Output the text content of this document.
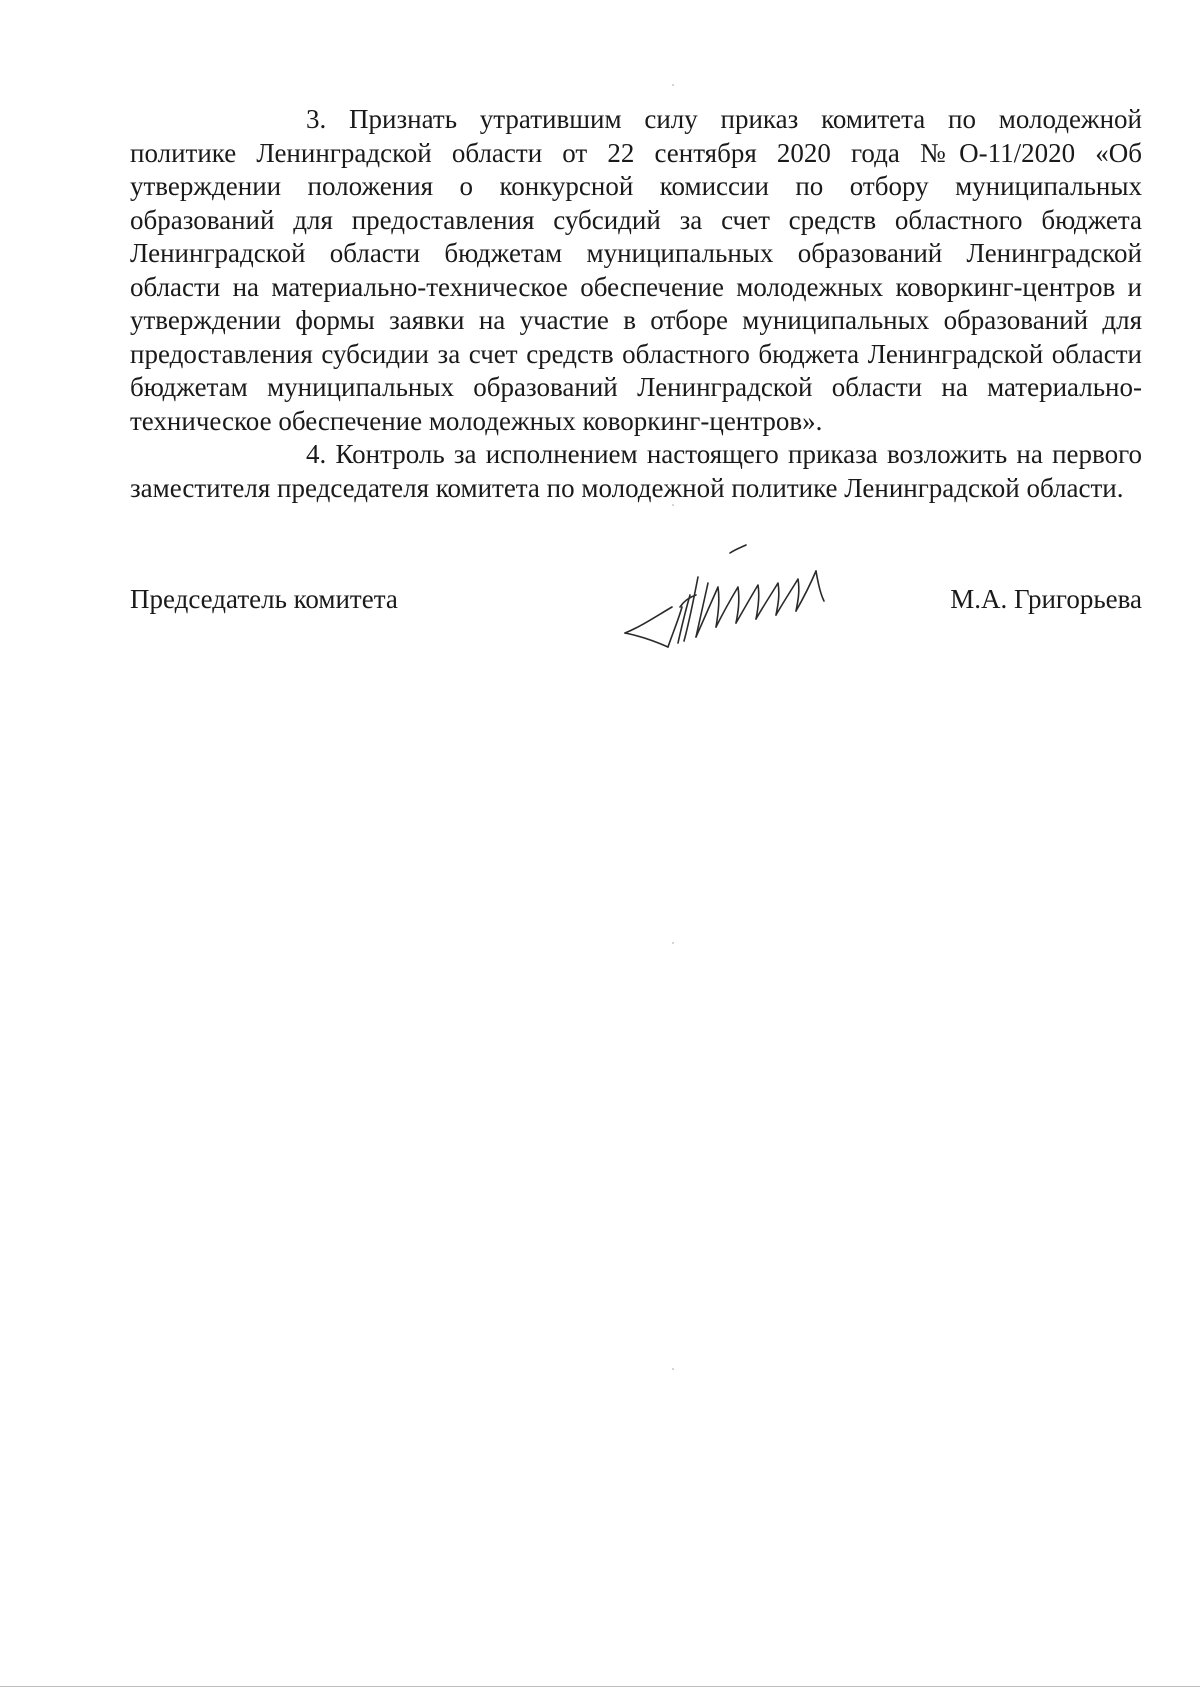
3. Признать утратившим силу приказ комитета по молодежной политике Ленинградской области от 22 сентября 2020 года №О-11/2020 «Об утверждении положения о конкурсной комиссии по отбору муниципальных образований для предоставления субсидий за счет средств областного бюджета Ленинградской области бюджетам муниципальных образований Ленинградской области на материально-техническое обеспечение молодежных коворкинг-центров и утверждении формы заявки на участие в отборе муниципальных образований для предоставления субсидии за счет средств областного бюджета Ленинградской области бюджетам муниципальных образований Ленинградской области на материально-техническое обеспечение молодежных коворкинг-центров».

4. Контроль за исполнением настоящего приказа возложить на первого заместителя председателя комитета по молодежной политике Ленинградской области.

Председатель комитета	М.А. Григорьева
